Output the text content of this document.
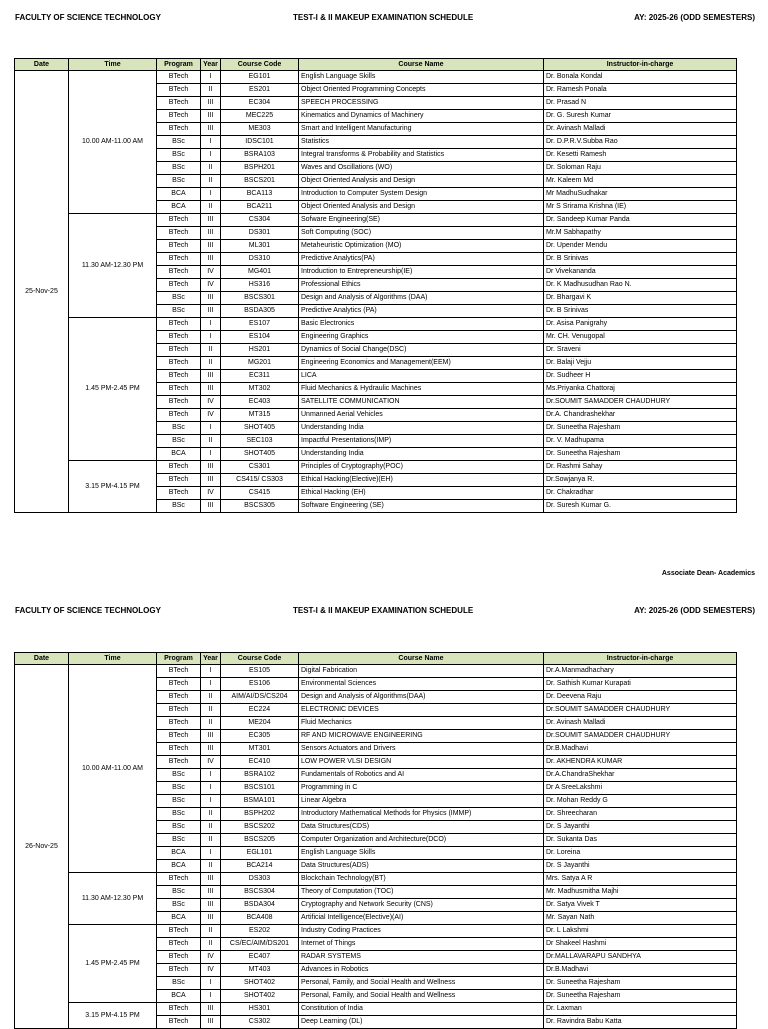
FACULTY OF SCIENCE TECHNOLOGY	TEST-I & II MAKEUP EXAMINATION SCHEDULE	AY: 2025-26 (ODD SEMESTERS)
Date	Time	Program	Year	Course Code	Course Name	Instructor-in-charge
25-Nov-25	10.00 AM-11.00 AM	BTech	I	EG101	English Language Skills	Dr. Bonala Kondal
		BTech	II	ES201	Object Oriented Programming Concepts	Dr. Ramesh Ponala
		BTech	III	EC304	SPEECH PROCESSING	Dr. Prasad N
		BTech	III	MEC225	Kinematics and Dynamics of Machinery	Dr. G. Suresh Kumar
		BTech	III	ME303	Smart and Intelligent Manufacturing	Dr. Avinash Malladi
		BSc	I	IDSC101	Statistics	Dr. D.P.R.V.Subba Rao
		BSc	I	BSRA103	Integral transforms & Probability and Statistics	Dr. Kesetti Ramesh
		BSc	II	BSPH201	Waves and Oscillations (WO)	Dr. Soloman Raju
		BSc	II	BSCS201	Object Oriented Analysis and Design	Mr. Kaleem Md
		BCA	I	BCA113	Introduction to Computer System Design	Mr MadhuSudhakar
		BCA	II	BCA211	Object Oriented Analysis and Design	Mr S Srirama Krishna (IE)
	11.30 AM-12.30 PM	BTech	III	CS304	Sofware Engineering(SE)	Dr. Sandeep Kumar Panda
		BTech	III	DS301	Soft Computing (SOC)	Mr.M Sabhapathy
		BTech	III	ML301	Metaheuristic Optimization (MO)	Dr. Upender Mendu
		BTech	III	DS310	Predictive Analytics(PA)	Dr. B Srinivas
		BTech	IV	MG401	Introduction to Entrepreneurship(IE)	Dr Vivekananda
		BTech	IV	HS316	Professional Ethics	Dr. K Madhusudhan Rao N.
		BSc	III	BSCS301	Design and Analysis of Algorithms (DAA)	Dr. Bhargavi K
		BSc	III	BSDA305	Predictive Analytics (PA)	Dr. B Srinivas
	1.45 PM-2.45 PM	BTech	I	ES107	Basic Electronics	Dr. Asisa Panigrahy
		BTech	I	ES104	Engineering Graphics	Mr. CH. Venugopal
		BTech	II	HS201	Dynamics of Social Change(DSC)	Dr. Sraveni
		BTech	II	MG201	Engineering Economics and Management(EEM)	Dr. Balaji Vejju
		BTech	III	EC311	LICA	Dr. Sudheer H
		BTech	III	MT302	Fluid Mechanics & Hydraulic Machines	Ms.Priyanka Chattoraj
		BTech	IV	EC403	SATELLITE COMMUNICATION	Dr.SOUMIT SAMADDER CHAUDHURY
		BTech	IV	MT315	Unmanned Aerial Vehicles	Dr.A. Chandrashekhar
		BSc	I	SHOT405	Understanding India	Dr. Suneetha Rajesham
		BSc	II	SEC103	Impactful Presentations(IMP)	Dr. V. Madhupama
		BCA	I	SHOT405	Understanding India	Dr. Suneetha Rajesham
	3.15 PM-4.15 PM	BTech	III	CS301	Principles of Cryptography(POC)	Dr. Rashmi Sahay
		BTech	III	CS415/ CS303	Ethical Hacking(Elective)(EH)	Dr.Sowjanya R.
		BTech	IV	CS415	Ethical Hacking (EH)	Dr. Chakradhar
		BSc	III	BSCS305	Software Engineering (SE)	Dr. Suresh Kumar G.
Associate Dean- Academics
FACULTY OF SCIENCE TECHNOLOGY	TEST-I & II MAKEUP EXAMINATION SCHEDULE	AY: 2025-26 (ODD SEMESTERS)
Date	Time	Program	Year	Course Code	Course Name	Instructor-in-charge
26-Nov-25	10.00 AM-11.00 AM	BTech	I	ES105	Digital Fabrication	Dr.A.Manmadhachary
		BTech	I	ES106	Environmental Sciences	Dr. Sathish Kumar Kurapati
		BTech	II	AIM/AI/DS/CS204	Design and Analysis of Algorithms(DAA)	Dr. Deevena Raju
		BTech	II	EC224	ELECTRONIC DEVICES	Dr.SOUMIT SAMADDER CHAUDHURY
		BTech	II	ME204	Fluid Mechanics	Dr. Avinash Malladi
		BTech	III	EC305	RF AND MICROWAVE ENGINEERING	Dr.SOUMIT SAMADDER CHAUDHURY
		BTech	III	MT301	Sensors Actuators and Drivers	Dr.B.Madhavi
		BTech	IV	EC410	LOW POWER VLSI DESIGN	Dr. AKHENDRA KUMAR
		BSc	I	BSRA102	Fundamentals of Robotics and AI	Dr.A.ChandraShekhar
		BSc	I	BSCS101	Programming in C	Dr A SreeLakshmi
		BSc	I	BSMA101	Linear Algebra	Dr. Mohan Reddy G
		BSc	II	BSPH202	Introductory Mathematical Methods for Physics (IMMP)	Dr. Shreecharan
		BSc	II	BSCS202	Data Structures(CDS)	Dr. S Jayanthi
		BSc	II	BSCS205	Computer Organization and Architecture(DCO)	Dr. Sukanta Das
		BCA	I	EGL101	English Language Skills	Dr. Loreina
		BCA	II	BCA214	Data Structures(ADS)	Dr. S Jayanthi
	11.30 AM-12.30 PM	BTech	III	DS303	Blockchain Technology(BT)	Mrs. Satya A R
		BSc	III	BSCS304	Theory of Computation (TOC)	Mr. Madhusmitha Majhi
		BSc	III	BSDA304	Cryptography and Network Security (CNS)	Dr. Satya Vivek T
		BCA	III	BCA408	Artificial Intelligence(Elective)(AI)	Mr. Sayan Nath
	1.45 PM-2.45 PM	BTech	II	ES202	Industry Coding Practices	Dr. L Lakshmi
		BTech	II	CS/EC/AIM/DS201	Internet of Things	Dr Shakeel Hashmi
		BTech	IV	EC407	RADAR SYSTEMS	Dr.MALLAVARAPU SANDHYA
		BTech	IV	MT403	Advances in Robotics	Dr.B.Madhavi
		BSc	I	SHOT402	Personal, Family, and Social Health and Wellness	Dr. Suneetha Rajesham
		BCA	I	SHOT402	Personal, Family, and Social Health and Wellness	Dr. Suneetha Rajesham
	3.15 PM-4.15 PM	BTech	III	HS301	Constitution of India	Dr. Laxman
		BTech	III	CS302	Deep Learning (DL)	Dr. Ravindra Babu Katta
